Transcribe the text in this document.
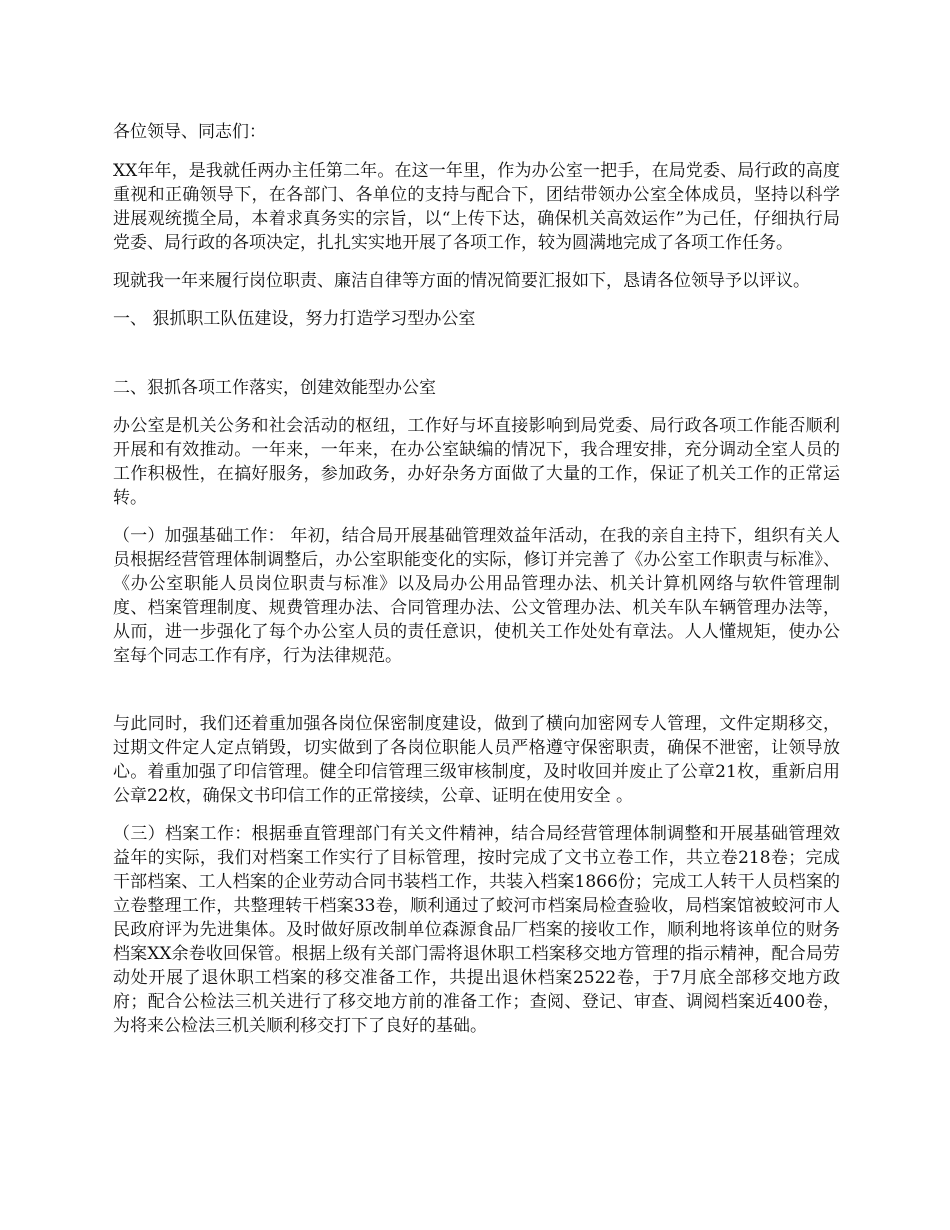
各位领导、同志们：

XX年年，是我就任两办主任第二年。在这一年里，作为办公室一把手，在局党委、局行政的高度重视和正确领导下，在各部门、各单位的支持与配合下，团结带领办公室全体成员，坚持以科学进展观统揽全局，本着求真务实的宗旨，以“上传下达，确保机关高效运作”为己任，仔细执行局党委、局行政的各项决定，扎扎实实地开展了各项工作，较为圆满地完成了各项工作任务。

现就我一年来履行岗位职责、廉洁自律等方面的情况简要汇报如下，恳请各位领导予以评议。

一、 狠抓职工队伍建设，努力打造学习型办公室

二、狠抓各项工作落实，创建效能型办公室

办公室是机关公务和社会活动的枢纽，工作好与坏直接影响到局党委、局行政各项工作能否顺利开展和有效推动。一年来，一年来，在办公室缺编的情况下，我合理安排，充分调动全室人员的工作积极性，在搞好服务，参加政务，办好杂务方面做了大量的工作，保证了机关工作的正常运转。

（一）加强基础工作： 年初，结合局开展基础管理效益年活动，在我的亲自主持下，组织有关人员根据经营管理体制调整后，办公室职能变化的实际，修订并完善了《办公室工作职责与标准》、《办公室职能人员岗位职责与标准》以及局办公用品管理办法、机关计算机网络与软件管理制度、档案管理制度、规费管理办法、合同管理办法、公文管理办法、机关车队车辆管理办法等， 从而，进一步强化了每个办公室人员的责任意识，使机关工作处处有章法。人人懂规矩，使办公室每个同志工作有序，行为法律规范。

与此同时，我们还着重加强各岗位保密制度建设，做到了横向加密网专人管理，文件定期移交，过期文件定人定点销毁，切实做到了各岗位职能人员严格遵守保密职责，确保不泄密，让领导放心。着重加强了印信管理。健全印信管理三级审核制度，及时收回并废止了公章21枚，重新启用公章22枚，确保文书印信工作的正常接续，公章、证明在使用安全 。

（三）档案工作：根据垂直管理部门有关文件精神，结合局经营管理体制调整和开展基础管理效益年的实际，我们对档案工作实行了目标管理，按时完成了文书立卷工作，共立卷218卷；完成干部档案、工人档案的企业劳动合同书装档工作，共装入档案1866份；完成工人转干人员档案的立卷整理工作，共整理转干档案33卷，顺利通过了蛟河市档案局检查验收，局档案馆被蛟河市人民政府评为先进集体。及时做好原改制单位森源食品厂档案的接收工作，顺利地将该单位的财务档案XX余卷收回保管。根据上级有关部门需将退休职工档案移交地方管理的指示精神，配合局劳动处开展了退休职工档案的移交准备工作，共提出退休档案2522卷，于7月底全部移交地方政府；配合公检法三机关进行了移交地方前的准备工作；查阅、登记、审查、调阅档案近400卷，为将来公检法三机关顺利移交打下了良好的基础。
